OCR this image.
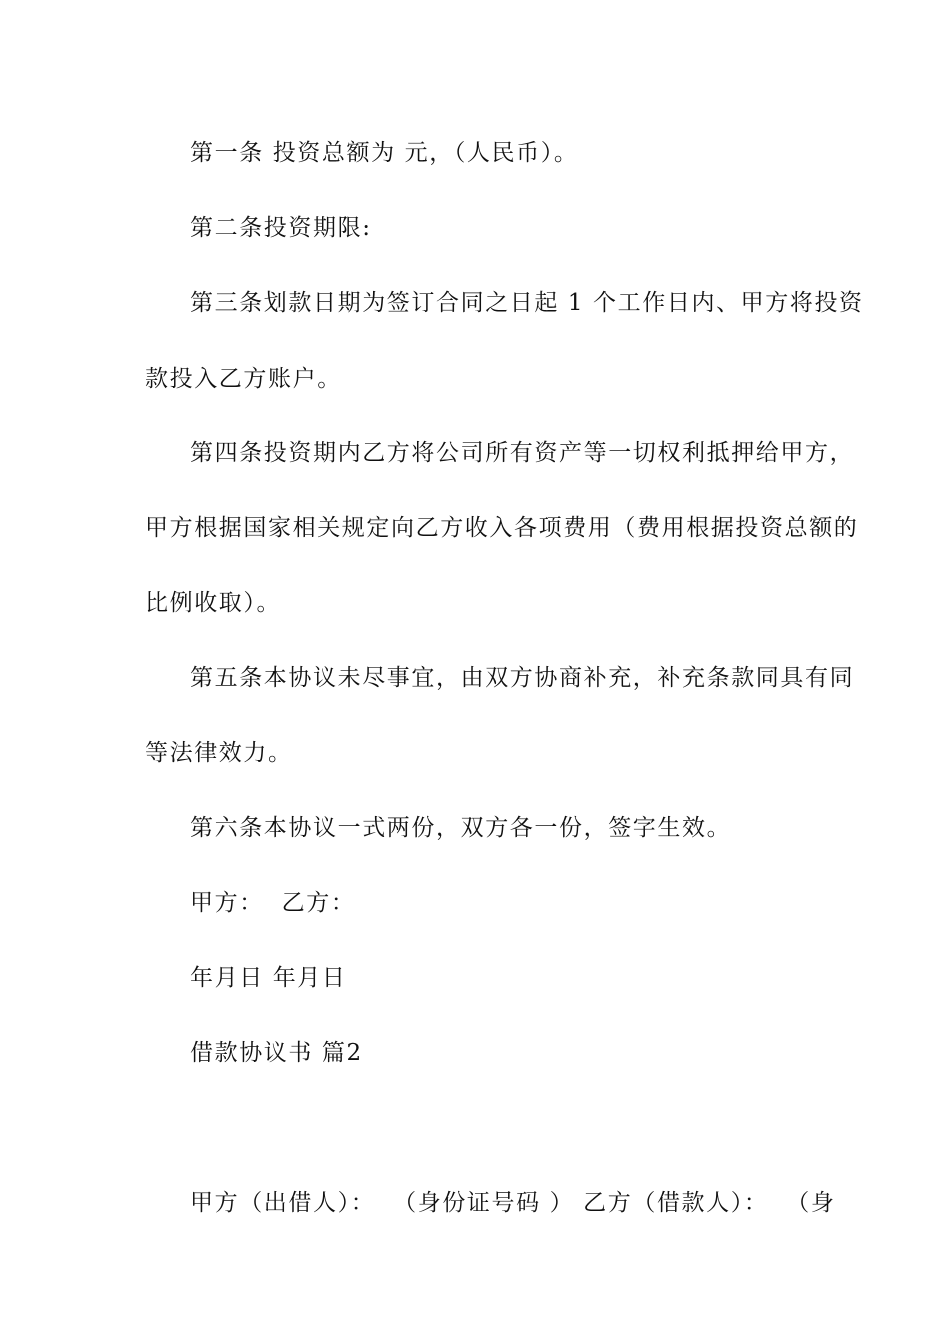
第一条 投资总额为 元，（人民币）。
第二条投资期限:
第三条划款日期为签订合同之日起 1 个工作日内、甲方将投资
款投入乙方账户。
第四条投资期内乙方将公司所有资产等一切权利抵押给甲方，
甲方根据国家相关规定向乙方收入各项费用（费用根据投资总额的
比例收取）。
第五条本协议未尽事宜，由双方协商补充，补充条款同具有同
等法律效力。
第六条本协议一式两份，双方各一份，签字生效。
甲方：  乙方：
年月日 年月日
借款协议书 篇2
甲方（出借人）：  （身份证号码 ） 乙方（借款人）：  （身
